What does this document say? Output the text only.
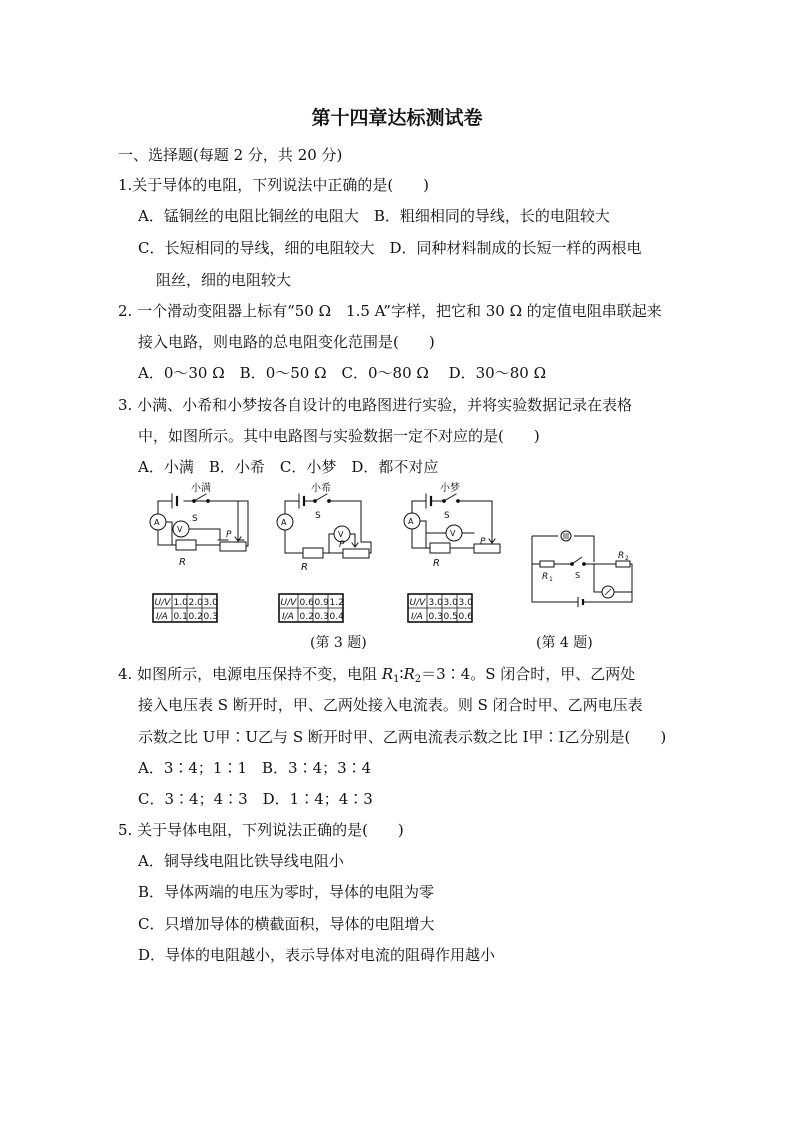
第十四章达标测试卷
一、选择题(每题 2 分，共 20 分)
1.关于导体的电阻，下列说法中正确的是(　　)
A．锰铜丝的电阻比铜丝的电阻大　B．粗细相同的导线，长的电阻较大
C．长短相同的导线，细的电阻较大　D．同种材料制成的长短一样的两根电
阻丝，细的电阻较大
2. 一个滑动变阻器上标有“50 Ω　1.5 A”字样，把它和 30 Ω 的定值电阻串联起来
接入电路，则电路的总电阻变化范围是(　　)
A．0～30 Ω　B．0～50 Ω　C．0～80 Ω　 D．30～80 Ω
3. 小满、小希和小梦按各自设计的电路图进行实验，并将实验数据记录在表格
中，如图所示。其中电路图与实验数据一定不对应的是(　　)
A．小满　B．小希　C．小梦　D．都不对应
小满
S
A
V
R
P
小希
S
A
V
R
P
小梦
S
A
V
R
P
U/V
I/A
1.0 2.0 3.0
0.1 0.2 0.3
U/V
I/A
0.6 0.9 1.2
0.2 0.3 0.4
U/V
I/A
3.0 3.0 3.0
0.3 0.5 0.6
R 1
R 2
S
(第 3 题)	(第 4 题)
4. 如图所示，电源电压保持不变，电阻 $R_1∶R_2=3∶4$。S 闭合时，甲、乙两处
接入电压表 S 断开时，甲、乙两处接入电流表。则 S 闭合时甲、乙两电压表
示数之比 U甲∶U乙与 S 断开时甲、乙两电流表示数之比 I甲∶I乙分别是(　　)
A．3∶4；1∶1　B．3∶4；3∶4
C．3∶4；4∶3　D．1∶4；4∶3
5. 关于导体电阻，下列说法正确的是(　　)
A．铜导线电阻比铁导线电阻小
B．导体两端的电压为零时，导体的电阻为零
C．只增加导体的横截面积，导体的电阻增大
D．导体的电阻越小，表示导体对电流的阻碍作用越小
